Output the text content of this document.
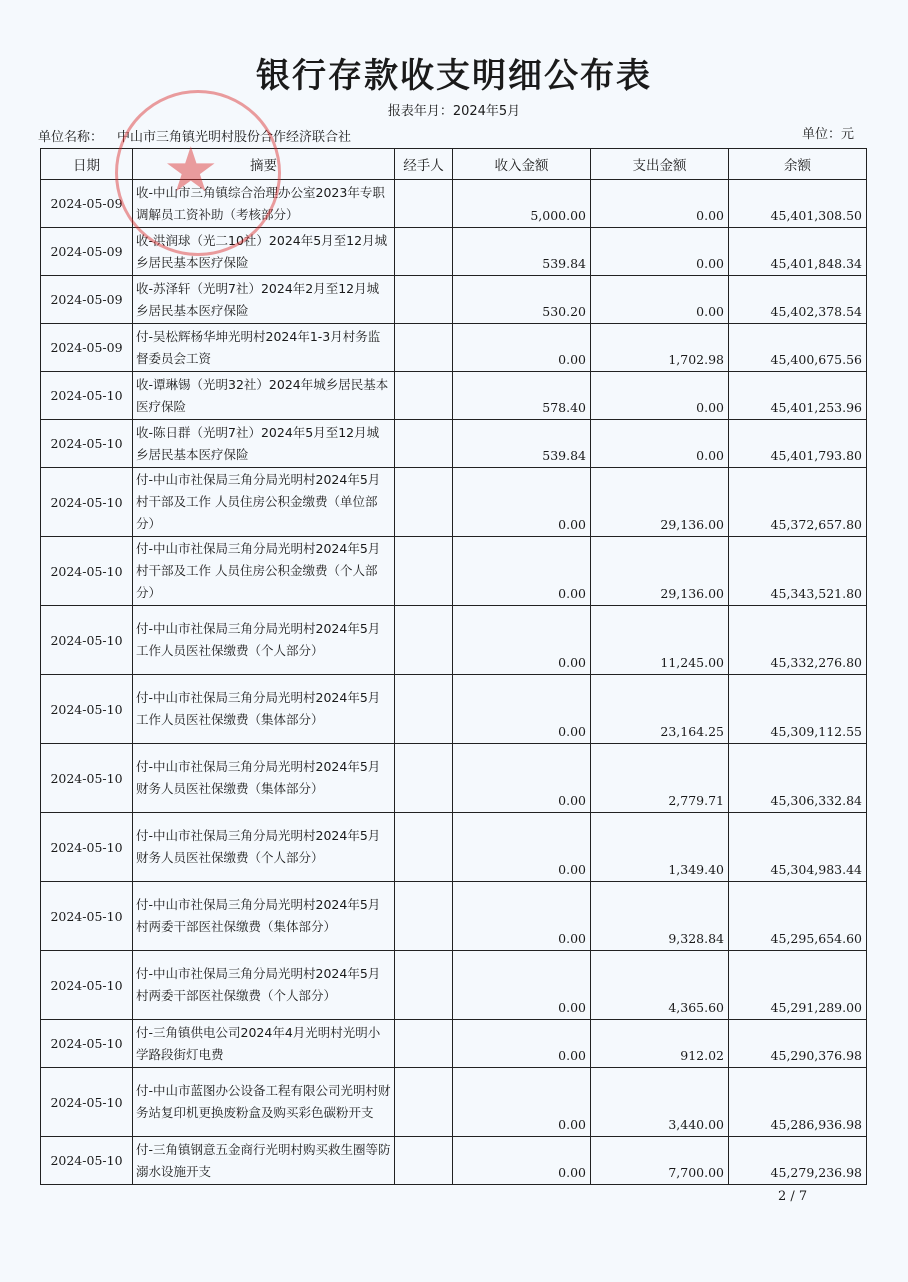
银行存款收支明细公布表
报表年月：2024年5月
单位名称： 中山市三角镇光明村股份合作经济联合社	单位：元
日期	摘要	经手人	收入金额	支出金额	余额
2024-05-09	收-中山市三角镇综合治理办公室2023年专职调解员工资补助（考核部分）		5,000.00	0.00	45,401,308.50
2024-05-09	收-洪润球（光二10社）2024年5月至12月城乡居民基本医疗保险		539.84	0.00	45,401,848.34
2024-05-09	收-苏泽轩（光明7社）2024年2月至12月城乡居民基本医疗保险		530.20	0.00	45,402,378.54
2024-05-09	付-吴松辉杨华坤光明村2024年1-3月村务监督委员会工资		0.00	1,702.98	45,400,675.56
2024-05-10	收-谭琳锡（光明32社）2024年城乡居民基本医疗保险		578.40	0.00	45,401,253.96
2024-05-10	收-陈日群（光明7社）2024年5月至12月城乡居民基本医疗保险		539.84	0.00	45,401,793.80
2024-05-10	付-中山市社保局三角分局光明村2024年5月村干部及工作 人员住房公积金缴费（单位部分）		0.00	29,136.00	45,372,657.80
2024-05-10	付-中山市社保局三角分局光明村2024年5月村干部及工作 人员住房公积金缴费（个人部分）		0.00	29,136.00	45,343,521.80
2024-05-10	付-中山市社保局三角分局光明村2024年5月工作人员医社保缴费（个人部分）		0.00	11,245.00	45,332,276.80
2024-05-10	付-中山市社保局三角分局光明村2024年5月工作人员医社保缴费（集体部分）		0.00	23,164.25	45,309,112.55
2024-05-10	付-中山市社保局三角分局光明村2024年5月财务人员医社保缴费（集体部分）		0.00	2,779.71	45,306,332.84
2024-05-10	付-中山市社保局三角分局光明村2024年5月财务人员医社保缴费（个人部分）		0.00	1,349.40	45,304,983.44
2024-05-10	付-中山市社保局三角分局光明村2024年5月村两委干部医社保缴费（集体部分）		0.00	9,328.84	45,295,654.60
2024-05-10	付-中山市社保局三角分局光明村2024年5月村两委干部医社保缴费（个人部分）		0.00	4,365.60	45,291,289.00
2024-05-10	付-三角镇供电公司2024年4月光明村光明小学路段街灯电费		0.00	912.02	45,290,376.98
2024-05-10	付-中山市蓝图办公设备工程有限公司光明村财务站复印机更换废粉盒及购买彩色碳粉开支		0.00	3,440.00	45,286,936.98
2024-05-10	付-三角镇钢意五金商行光明村购买救生圈等防溺水设施开支		0.00	7,700.00	45,279,236.98
★
2 / 7
